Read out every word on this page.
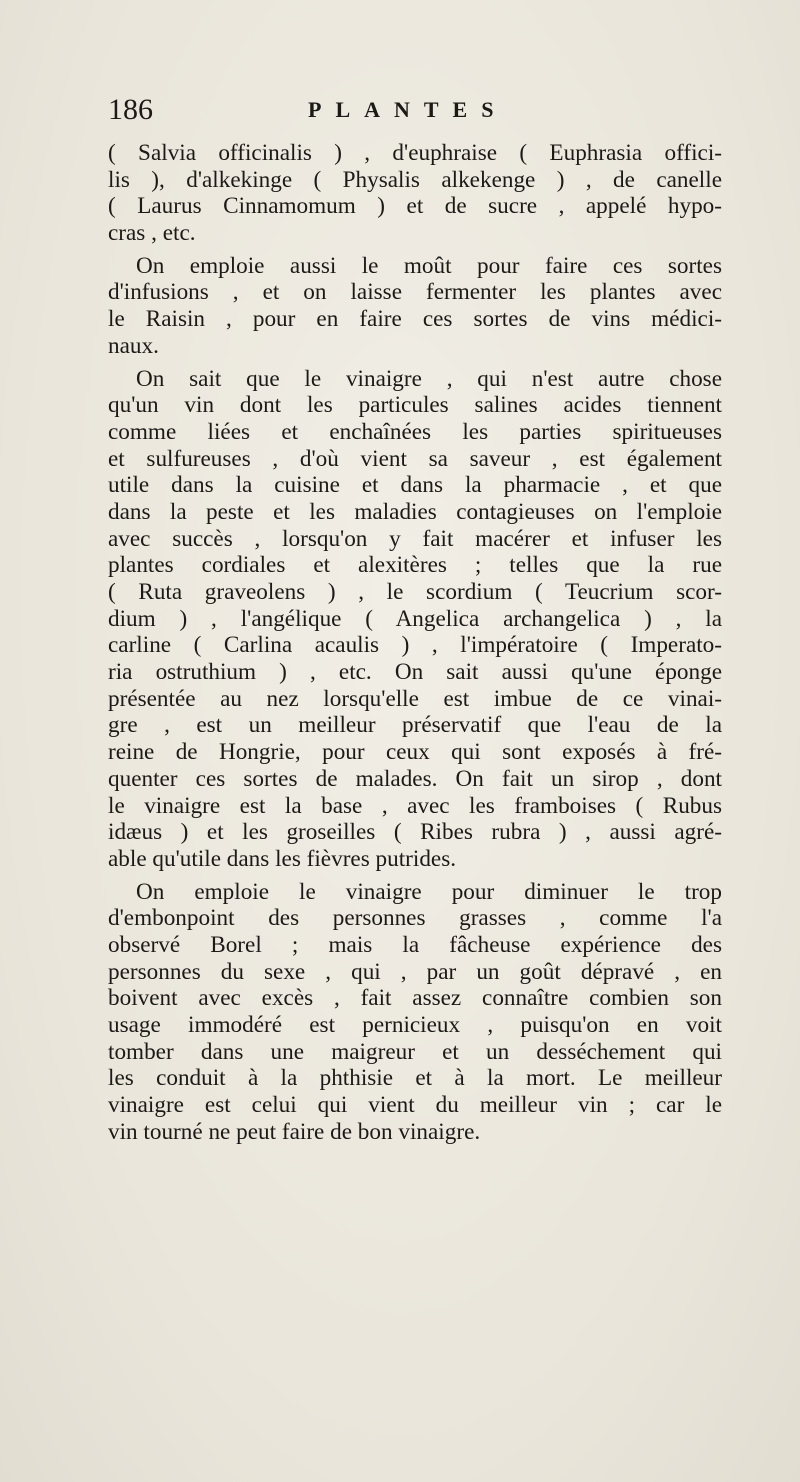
186	PLANTES
( Salvia officinalis ) , d'euphraise ( Euphrasia offici-
lis ), d'alkekinge ( Physalis alkekenge ) , de canelle
( Laurus Cinnamomum ) et de sucre , appelé hypo-
cras , etc.
On emploie aussi le moût pour faire ces sortes
d'infusions , et on laisse fermenter les plantes avec
le Raisin , pour en faire ces sortes de vins médici-
naux.
On sait que le vinaigre , qui n'est autre chose
qu'un vin dont les particules salines acides tiennent
comme liées et enchaînées les parties spiritueuses
et sulfureuses , d'où vient sa saveur , est également
utile dans la cuisine et dans la pharmacie , et que
dans la peste et les maladies contagieuses on l'emploie
avec succès , lorsqu'on y fait macérer et infuser les
plantes cordiales et alexitères ; telles que la rue
( Ruta graveolens ) , le scordium ( Teucrium scor-
dium ) , l'angélique ( Angelica archangelica ) , la
carline ( Carlina acaulis ) , l'impératoire ( Imperato-
ria ostruthium ) , etc. On sait aussi qu'une éponge
présentée au nez lorsqu'elle est imbue de ce vinai-
gre , est un meilleur préservatif que l'eau de la
reine de Hongrie, pour ceux qui sont exposés à fré-
quenter ces sortes de malades. On fait un sirop , dont
le vinaigre est la base , avec les framboises ( Rubus
idæus ) et les groseilles ( Ribes rubra ) , aussi agré-
able qu'utile dans les fièvres putrides.
On emploie le vinaigre pour diminuer le trop
d'embonpoint des personnes grasses , comme l'a
observé Borel ; mais la fâcheuse expérience des
personnes du sexe , qui , par un goût dépravé , en
boivent avec excès , fait assez connaître combien son
usage immodéré est pernicieux , puisqu'on en voit
tomber dans une maigreur et un desséchement qui
les conduit à la phthisie et à la mort. Le meilleur
vinaigre est celui qui vient du meilleur vin ; car le
vin tourné ne peut faire de bon vinaigre.
